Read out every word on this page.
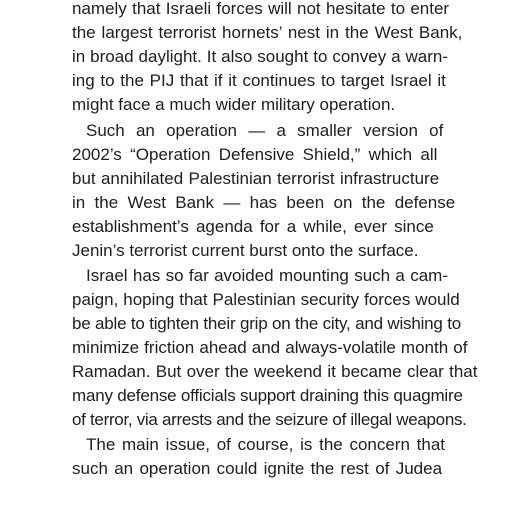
namely that Israeli forces will not hesitate to enter
the largest terrorist hornets’ nest in the West Bank,
in broad daylight. It also sought to convey a warn-
ing to the PIJ that if it continues to target Israel it
might face a much wider military operation.
Such an operation — a smaller version of
2002’s “Operation Defensive Shield,” which all
but annihilated Palestinian terrorist infrastructure
in the West Bank — has been on the defense
establishment’s agenda for a while, ever since
Jenin’s terrorist current burst onto the surface.
Israel has so far avoided mounting such a cam-
paign, hoping that Palestinian security forces would
be able to tighten their grip on the city, and wishing to
minimize friction ahead and always-volatile month of
Ramadan. But over the weekend it became clear that
many defense officials support draining this quagmire
of terror, via arrests and the seizure of illegal weapons.
The main issue, of course, is the concern that
such an operation could ignite the rest of Judea
